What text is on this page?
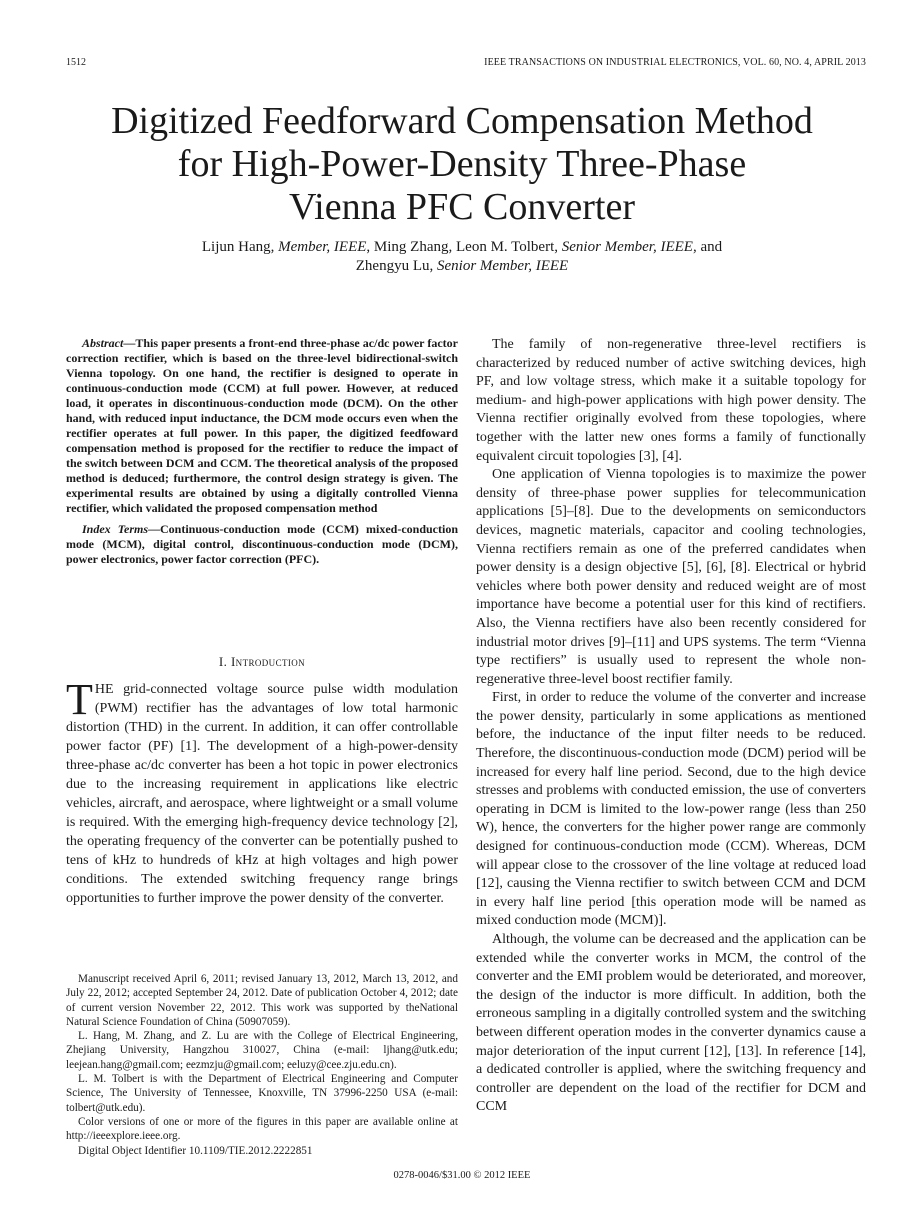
1512	IEEE TRANSACTIONS ON INDUSTRIAL ELECTRONICS, VOL. 60, NO. 4, APRIL 2013
Digitized Feedforward Compensation Method
for High-Power-Density Three-Phase
Vienna PFC Converter
Lijun Hang, Member, IEEE, Ming Zhang, Leon M. Tolbert, Senior Member, IEEE, and
Zhengyu Lu, Senior Member, IEEE

Abstract—This paper presents a front-end three-phase ac/dc power factor correction rectifier, which is based on the three-level bidirectional-switch Vienna topology. On one hand, the rectifier is designed to operate in continuous-conduction mode (CCM) at full power. However, at reduced load, it operates in discontinuous-conduction mode (DCM). On the other hand, with reduced input inductance, the DCM mode occurs even when the rectifier operates at full power. In this paper, the digitized feedfoward compensation method is proposed for the rectifier to reduce the impact of the switch between DCM and CCM. The theoretical analysis of the proposed method is deduced; furthermore, the control design strategy is given. The experimental results are obtained by using a digitally controlled Vienna rectifier, which validated the proposed compensation method

Index Terms—Continuous-conduction mode (CCM) mixed-conduction mode (MCM), digital control, discontinuous-conduction mode (DCM), power electronics, power factor correction (PFC).

I. Introduction

THE grid-connected voltage source pulse width modulation (PWM) rectifier has the advantages of low total harmonic distortion (THD) in the current. In addition, it can offer controllable power factor (PF) [1]. The development of a high-power-density three-phase ac/dc converter has been a hot topic in power electronics due to the increasing requirement in applications like electric vehicles, aircraft, and aerospace, where lightweight or a small volume is required. With the emerging high-frequency device technology [2], the operating frequency of the converter can be potentially pushed to tens of kHz to hundreds of kHz at high voltages and high power conditions. The extended switching frequency range brings opportunities to further improve the power density of the converter.

Manuscript received April 6, 2011; revised January 13, 2012, March 13, 2012, and July 22, 2012; accepted September 24, 2012. Date of publication October 4, 2012; date of current version November 22, 2012. This work was supported by theNational Natural Science Foundation of China (50907059).

L. Hang, M. Zhang, and Z. Lu are with the College of Electrical Engineering, Zhejiang University, Hangzhou 310027, China (e-mail: ljhang@utk.edu; leejean.hang@gmail.com; eezmzju@gmail.com; eeluzy@cee.zju.edu.cn).

L. M. Tolbert is with the Department of Electrical Engineering and Computer Science, The University of Tennessee, Knoxville, TN 37996-2250 USA (e-mail: tolbert@utk.edu).

Color versions of one or more of the figures in this paper are available online at http://ieeexplore.ieee.org.

Digital Object Identifier 10.1109/TIE.2012.2222851

The family of non-regenerative three-level rectifiers is characterized by reduced number of active switching devices, high PF, and low voltage stress, which make it a suitable topology for medium- and high-power applications with high power density. The Vienna rectifier originally evolved from these topologies, where together with the latter new ones forms a family of functionally equivalent circuit topologies [3], [4].

One application of Vienna topologies is to maximize the power density of three-phase power supplies for telecommunication applications [5]–[8]. Due to the developments on semiconductors devices, magnetic materials, capacitor and cooling technologies, Vienna rectifiers remain as one of the preferred candidates when power density is a design objective [5], [6], [8]. Electrical or hybrid vehicles where both power density and reduced weight are of most importance have become a potential user for this kind of rectifiers. Also, the Vienna rectifiers have also been recently considered for industrial motor drives [9]–[11] and UPS systems. The term “Vienna type rectifiers” is usually used to represent the whole non-regenerative three-level boost rectifier family.

First, in order to reduce the volume of the converter and increase the power density, particularly in some applications as mentioned before, the inductance of the input filter needs to be reduced. Therefore, the discontinuous-conduction mode (DCM) period will be increased for every half line period. Second, due to the high device stresses and problems with conducted emission, the use of converters operating in DCM is limited to the low-power range (less than 250 W), hence, the converters for the higher power range are commonly designed for continuous-conduction mode (CCM). Whereas, DCM will appear close to the crossover of the line voltage at reduced load [12], causing the Vienna rectifier to switch between CCM and DCM in every half line period [this operation mode will be named as mixed conduction mode (MCM)].

Although, the volume can be decreased and the application can be extended while the converter works in MCM, the control of the converter and the EMI problem would be deteriorated, and moreover, the design of the inductor is more difficult. In addition, both the erroneous sampling in a digitally controlled system and the switching between different operation modes in the converter dynamics cause a major deterioration of the input current [12], [13]. In reference [14], a dedicated controller is applied, where the switching frequency and controller are dependent on the load of the rectifier for DCM and CCM

0278-0046/$31.00 © 2012 IEEE
